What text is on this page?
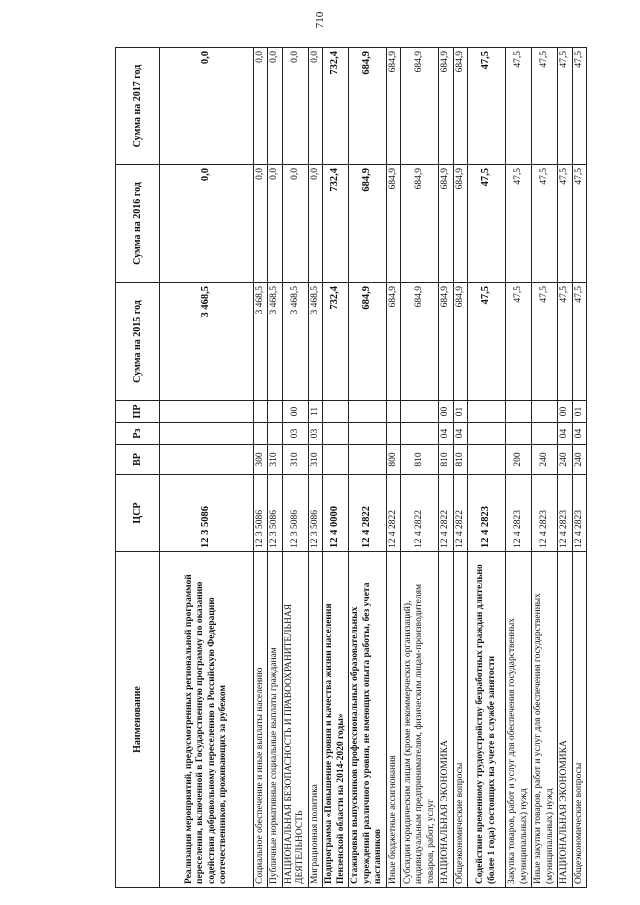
710
Наименование	ЦСР	ВР	Рз	ПР	Сумма на 2015 год	Сумма на 2016 год	Сумма на 2017 год
Реализация мероприятий, предусмотренных региональной программой переселения, включенной в Государственную программу по оказанию содействия добровольному переселению в Российскую Федерацию соотечественников, проживающих за рубежом	12 3 5086				3 468,5	0,0	0,0
Социальное обеспечение и иные выплаты населению	12 3 5086	300			3 468,5	0,0	0,0
Публичные нормативные социальные выплаты гражданам	12 3 5086	310			3 468,5	0,0	0,0
НАЦИОНАЛЬНАЯ БЕЗОПАСНОСТЬ И ПРАВООХРАНИТЕЛЬНАЯ ДЕЯТЕЛЬНОСТЬ	12 3 5086	310	03	00	3 468,5	0,0	0,0
Миграционная политика	12 3 5086	310	03	11	3 468,5	0,0	0,0
Подпрограмма «Повышение уровня и качества жизни населения Пензенской области на 2014-2020 годы»	12 4 0000				732,4	732,4	732,4
Стажировки выпускников профессиональных образовательных учреждений различного уровня, не имеющих опыта работы, без учета наставников	12 4 2822				684,9	684,9	684,9
Иные бюджетные ассигнования	12 4 2822	800			684,9	684,9	684,9
Субсидии юридическим лицам (кроме некоммерческих организаций), индивидуальным предпринимателям, физическим лицам-производителям товаров, работ, услуг	12 4 2822	810			684,9	684,9	684,9
НАЦИОНАЛЬНАЯ ЭКОНОМИКА	12 4 2822	810	04	00	684,9	684,9	684,9
Общеэкономические вопросы	12 4 2822	810	04	01	684,9	684,9	684,9
Содействие временному трудоустройству безработных граждан длительно (более 1 года) состоящих на учете в службе занятости	12 4 2823				47,5	47,5	47,5
Закупка товаров, работ и услуг для обеспечения государственных (муниципальных) нужд	12 4 2823	200			47,5	47,5	47,5
Иные закупки товаров, работ и услуг для обеспечения государственных (муниципальных) нужд	12 4 2823	240			47,5	47,5	47,5
НАЦИОНАЛЬНАЯ ЭКОНОМИКА	12 4 2823	240	04	00	47,5	47,5	47,5
Общеэкономические вопросы	12 4 2823	240	04	01	47,5	47,5	47,5
